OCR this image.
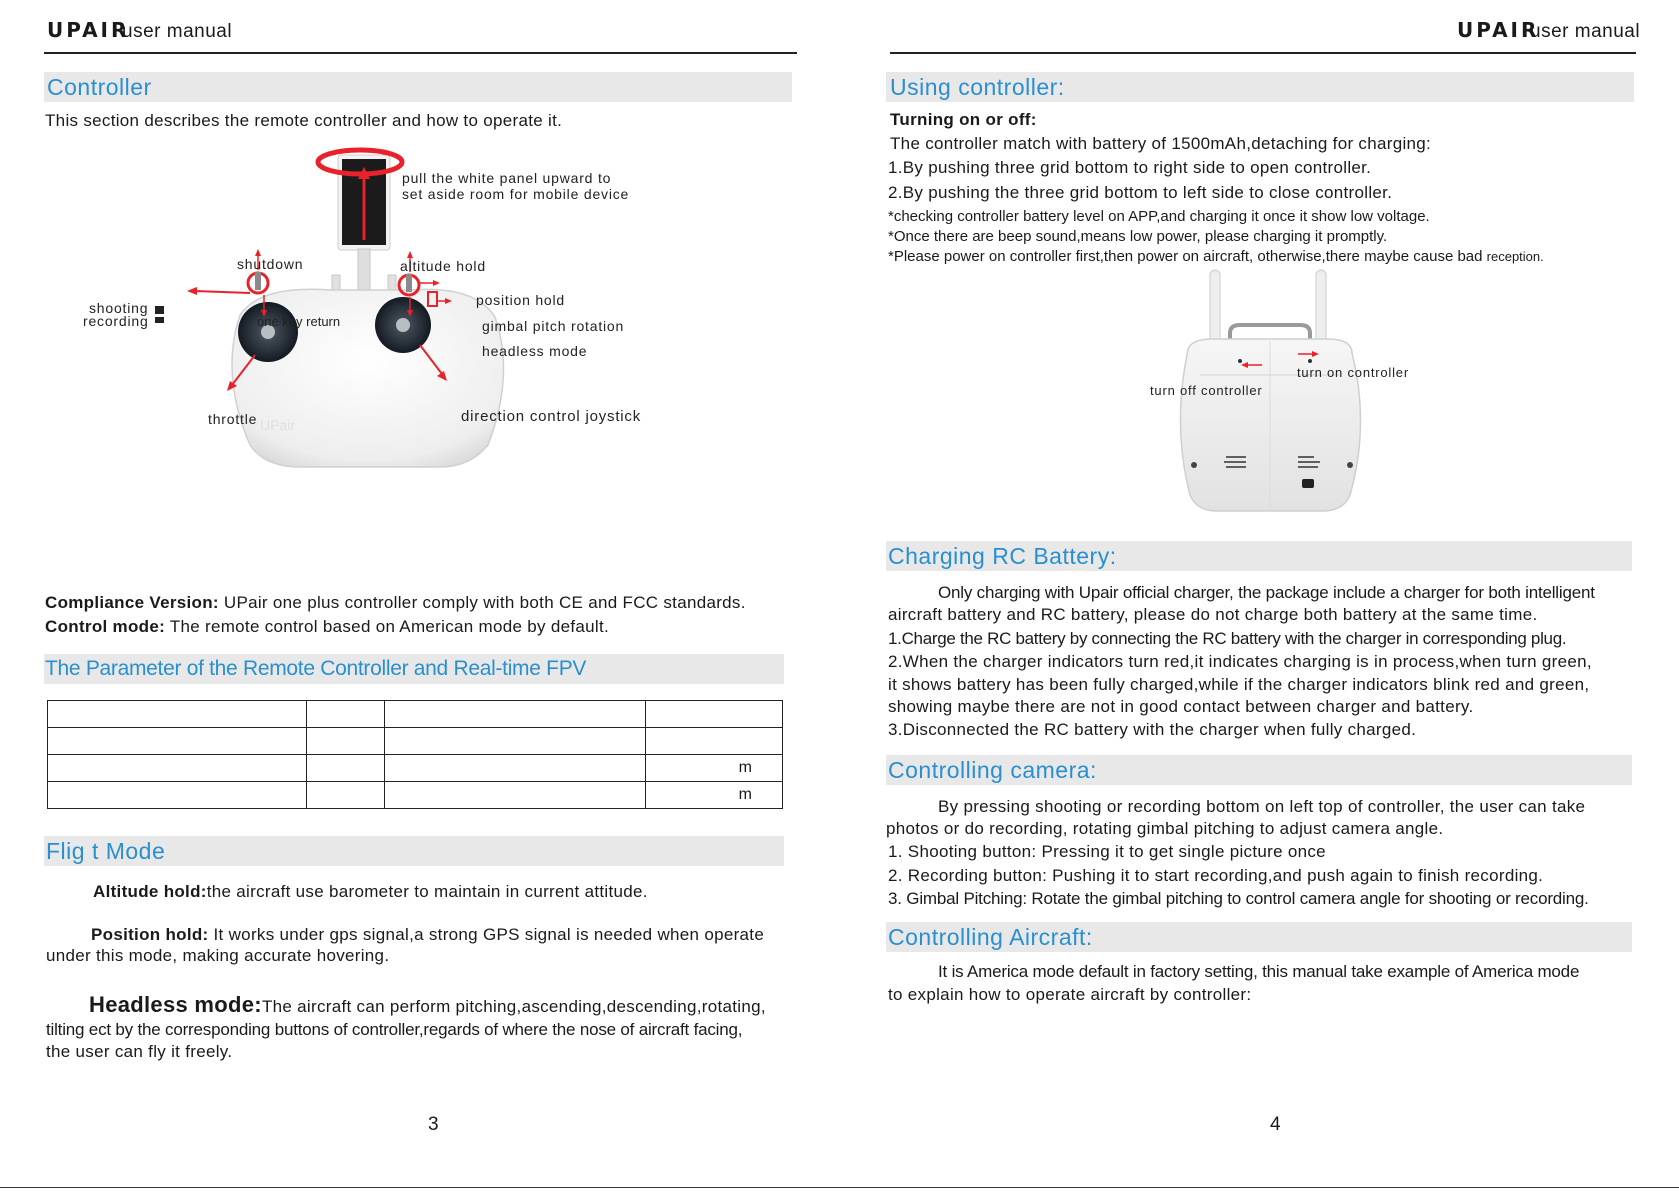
UPAIR
user manual
Controller
This section describes the remote controller and how to operate it.
UPair
pull the white panel upward to
set aside room for mobile device
shutdown	altitude hold
position hold
shooting
recording	one key return	gimbal pitch rotation
headless mode
throttle	direction control joystick
Compliance Version: UPair one plus controller comply with both CE and FCC standards.
Control mode: The remote control based on American mode by default.
The Parameter of the Remote Controller and Real-time FPV

			m
			m
Flig t Mode
Altitude hold:the aircraft use barometer to maintain in current attitude.
Position hold: It works under gps signal,a strong GPS signal is needed when operate
under this mode, making accurate hovering.
Headless mode:The aircraft can perform pitching,ascending,descending,rotating,
tilting ect by the corresponding buttons of controller,regards of where the nose of aircraft facing,
the user can fly it freely.
3
UPAIR
user manual
Using controller:
Turning on or off:
The controller match with battery of 1500mAh,detaching for charging:
1.By pushing three grid bottom to right side to open controller.
2.By pushing the three grid bottom to left side to close controller.
*checking controller battery level on APP,and charging it once it show low voltage.
*Once there are beep sound,means low power, please charging it promptly.
*Please power on controller first,then power on aircraft, otherwise,there maybe cause bad reception.
turn on controller
turn off controller
Charging RC Battery:
Only charging with Upair official charger, the package include a charger for both intelligent
aircraft battery and RC battery, please do not charge both battery at the same time.
1.Charge the RC battery by connecting the RC battery with the charger in corresponding plug.
2.When the charger indicators turn red,it indicates charging is in process,when turn green,
it shows battery has been fully charged,while if the charger indicators blink red and green,
showing maybe there are not in good contact between charger and battery.
3.Disconnected the RC battery with the charger when fully charged.
Controlling camera:
By pressing shooting or recording bottom on left top of controller, the user can take
photos or do recording, rotating gimbal pitching to adjust camera angle.
1. Shooting button: Pressing it to get single picture once
2. Recording button: Pushing it to start recording,and push again to finish recording.
3. Gimbal Pitching: Rotate the gimbal pitching to control camera angle for shooting or recording.
Controlling Aircraft:
It is America mode default in factory setting, this manual take example of America mode
to explain how to operate aircraft by controller:
4
